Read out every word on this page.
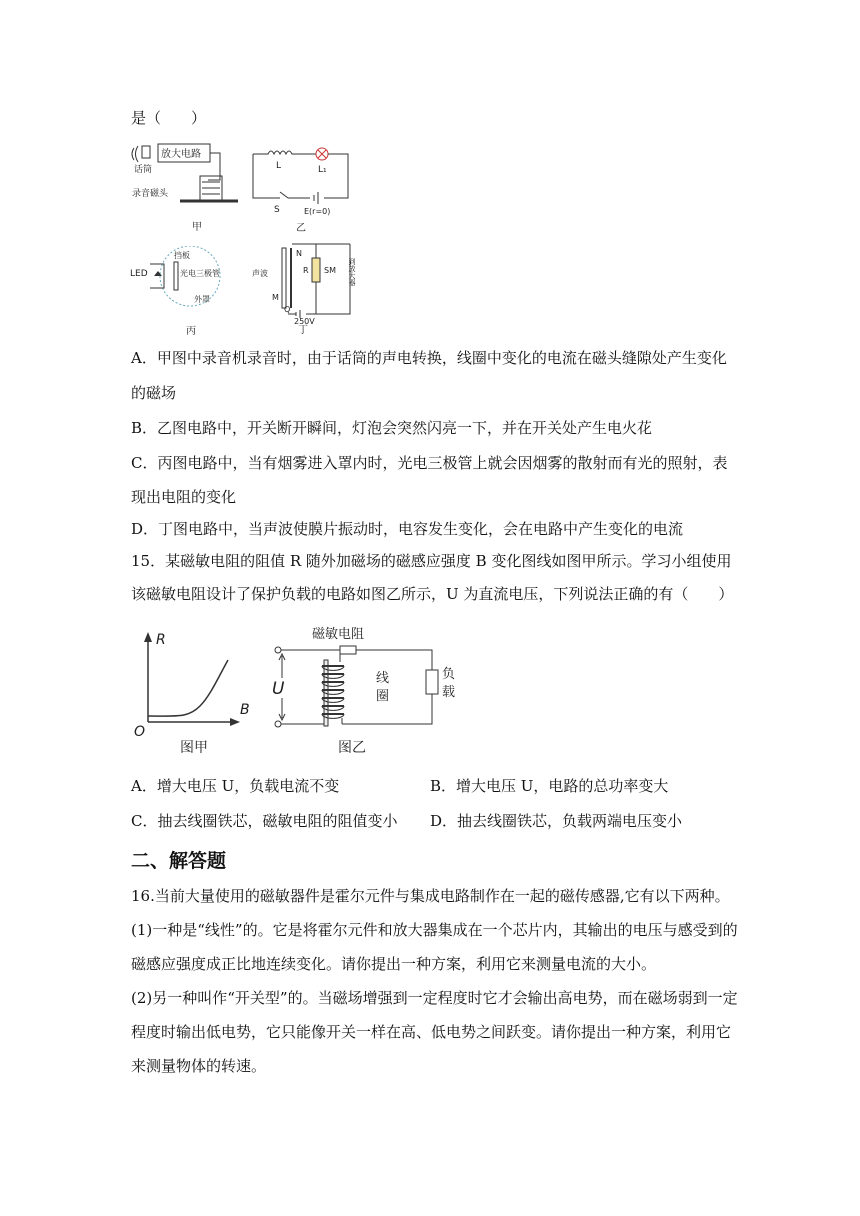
是（　　）
放大电路
话筒
录音磁头
甲
L	L₁
S	E(r=0)
乙
LED
挡板
光电三极管
外罩
丙
声波
N
M
Q
R SM
250V
到放大器
丁
A．甲图中录音机录音时，由于话筒的声电转换，线圈中变化的电流在磁头缝隙处产生变化
的磁场
B．乙图电路中，开关断开瞬间，灯泡会突然闪亮一下，并在开关处产生电火花
C．丙图电路中，当有烟雾进入罩内时，光电三极管上就会因烟雾的散射而有光的照射，表
现出电阻的变化
D．丁图电路中，当声波使膜片振动时，电容发生变化，会在电路中产生变化的电流
15．某磁敏电阻的阻值 R 随外加磁场的磁感应强度 B 变化图线如图甲所示。学习小组使用
该磁敏电阻设计了保护负载的电路如图乙所示，U 为直流电压，下列说法正确的有（　　）
R
B
O
图甲
磁敏电阻
U
线
圈
负
载
图乙
A．增大电压 U，负载电流不变	B．增大电压 U，电路的总功率变大
C．抽去线圈铁芯，磁敏电阻的阻值变小 D．抽去线圈铁芯，负载两端电压变小
二、解答题
16.当前大量使用的磁敏器件是霍尔元件与集成电路制作在一起的磁传感器,它有以下两种。
(1)一种是“线性”的。它是将霍尔元件和放大器集成在一个芯片内，其输出的电压与感受到的
磁感应强度成正比地连续变化。请你提出一种方案，利用它来测量电流的大小。
(2)另一种叫作“开关型”的。当磁场增强到一定程度时它才会输出高电势，而在磁场弱到一定
程度时输出低电势，它只能像开关一样在高、低电势之间跃变。请你提出一种方案，利用它
来测量物体的转速。
